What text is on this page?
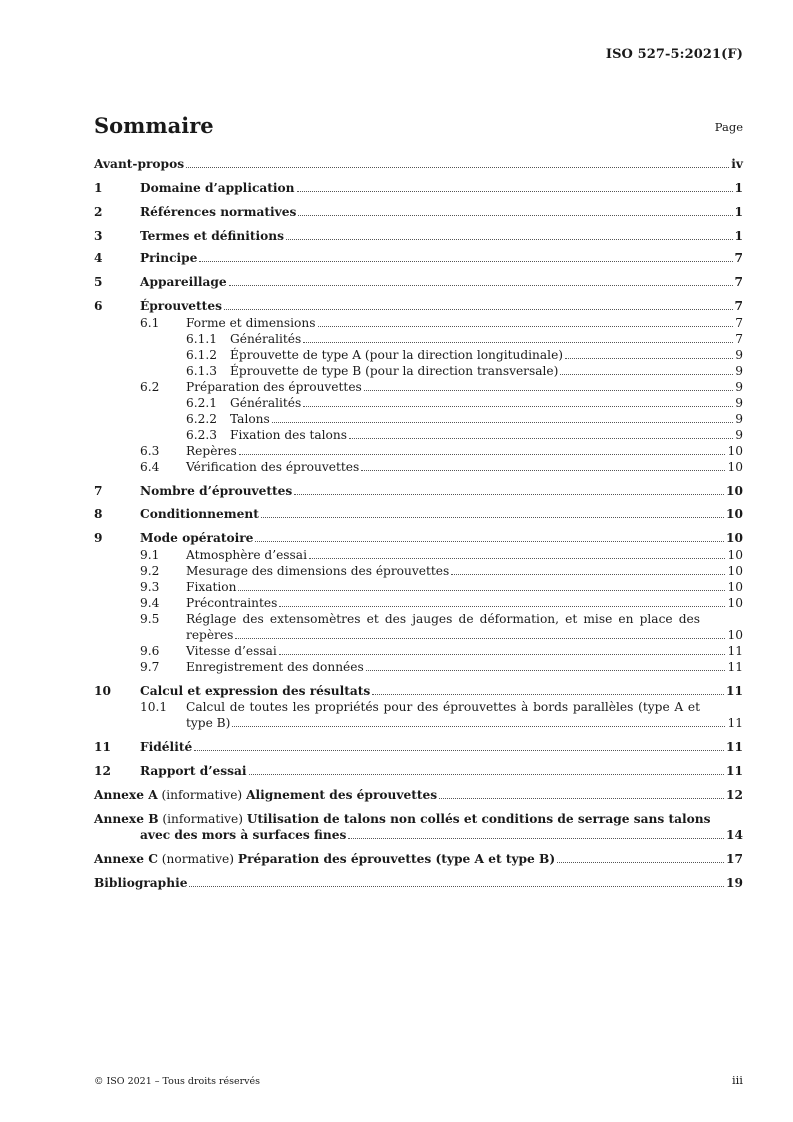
ISO 527-5:2021(F)
Sommaire	Page
Avant-propos	iv
1	Domaine d’application	1
2	Références normatives	1
3	Termes et définitions	1
4	Principe	7
5	Appareillage	7
6	Éprouvettes	7
6.1 Forme et dimensions	7
6.1.1 Généralités	7
6.1.2 Éprouvette de type A (pour la direction longitudinale)	9
6.1.3 Éprouvette de type B (pour la direction transversale)	9
6.2 Préparation des éprouvettes	9
6.2.1 Généralités	9
6.2.2 Talons	9
6.2.3 Fixation des talons	9
6.3 Repères	10
6.4 Vérification des éprouvettes	10
7	Nombre d’éprouvettes	10
8	Conditionnement	10
9	Mode opératoire	10
9.1 Atmosphère d’essai	10
9.2 Mesurage des dimensions des éprouvettes	10
9.3 Fixation	10
9.4 Précontraintes	10
9.5 Réglage des extensomètres et des jauges de déformation, et mise en place des
repères	10
9.6 Vitesse d’essai	11
9.7 Enregistrement des données	11
10 Calcul et expression des résultats	11
10.1 Calcul de toutes les propriétés pour des éprouvettes à bords parallèles (type A et
type B)	11
11 Fidélité	11
12 Rapport d’essai	11
Annexe A (informative) Alignement des éprouvettes	12
Annexe B (informative) Utilisation de talons non collés et conditions de serrage sans talons
avec des mors à surfaces fines	14
Annexe C (normative) Préparation des éprouvettes (type A et type B)	17
Bibliographie	19
© ISO 2021 – Tous droits réservés	iii
